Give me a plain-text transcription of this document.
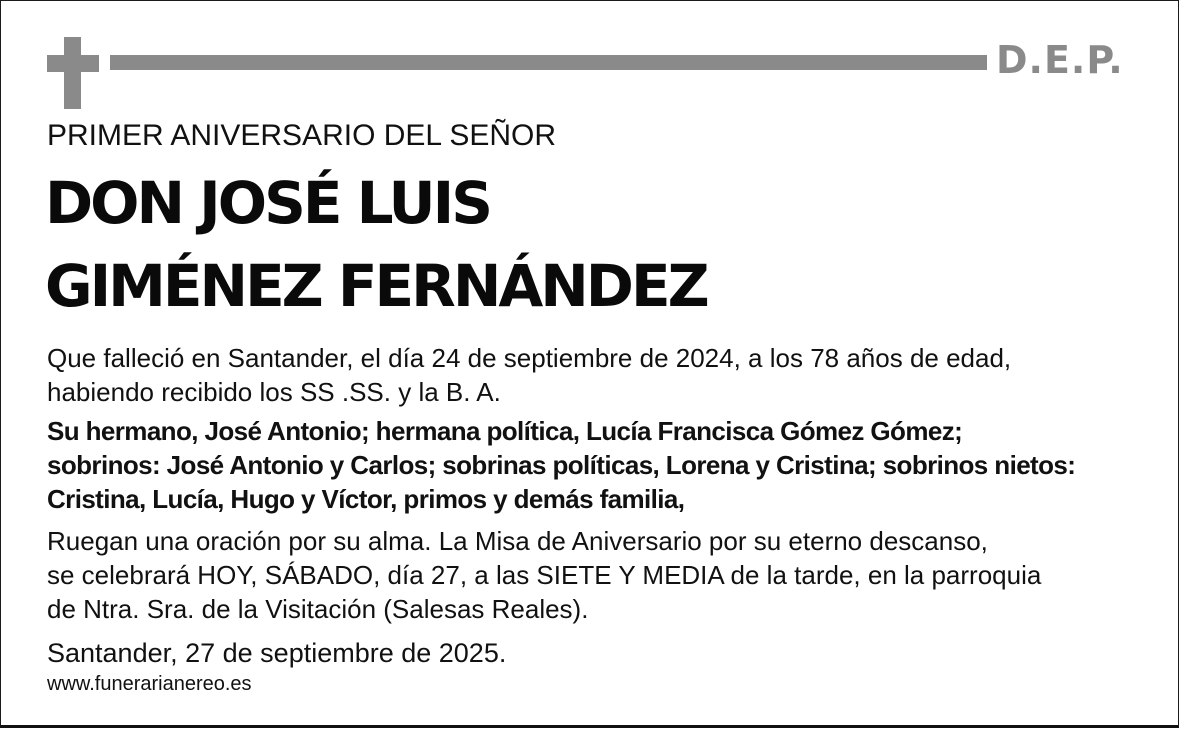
D.E.P.
PRIMER ANIVERSARIO DEL SEÑOR
DON JOSÉ LUIS
GIMÉNEZ FERNÁNDEZ
Que falleció en Santander, el día 24 de septiembre de 2024, a los 78 años de edad,
habiendo recibido los SS .SS. y la B. A.
Su hermano, José Antonio; hermana política, Lucía Francisca Gómez Gómez;
sobrinos: José Antonio y Carlos; sobrinas políticas, Lorena y Cristina; sobrinos nietos:
Cristina, Lucía, Hugo y Víctor, primos y demás familia,
Ruegan una oración por su alma. La Misa de Aniversario por su eterno descanso,
se celebrará HOY, SÁBADO, día 27, a las SIETE Y MEDIA de la tarde, en la parroquia
de Ntra. Sra. de la Visitación (Salesas Reales).
Santander, 27 de septiembre de 2025.
www.funerarianereo.es
